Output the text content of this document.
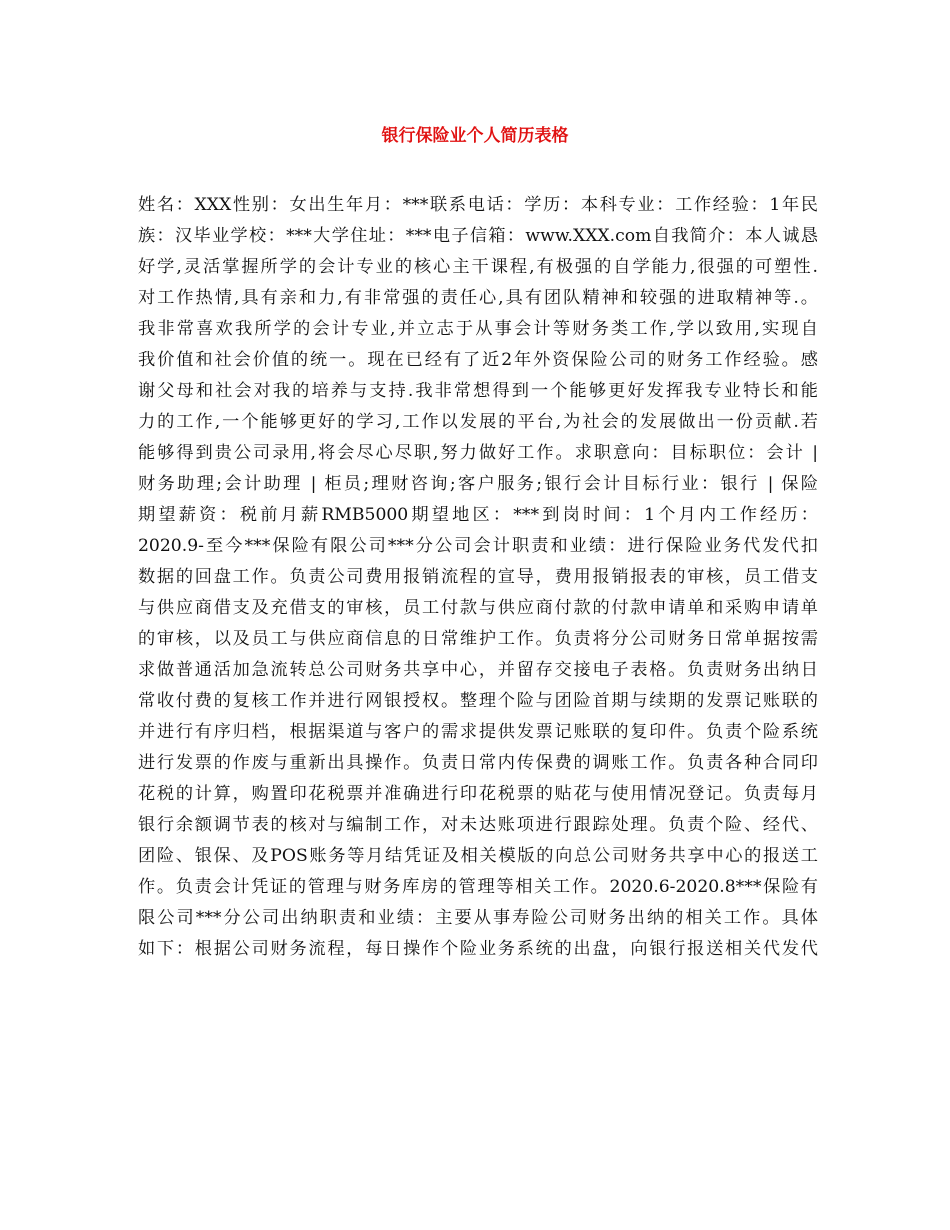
银行保险业个人简历表格
姓名：XXX性别：女出生年月：***联系电话：学历：本科专业：工作经验：1年民
族：汉毕业学校：***大学住址：***电子信箱：www.XXX.com自我简介：本人诚恳
好学,灵活掌握所学的会计专业的核心主干课程,有极强的自学能力,很强的可塑性.
对工作热情,具有亲和力,有非常强的责任心,具有团队精神和较强的进取精神等.。
我非常喜欢我所学的会计专业,并立志于从事会计等财务类工作,学以致用,实现自
我价值和社会价值的统一。现在已经有了近2年外资保险公司的财务工作经验。感
谢父母和社会对我的培养与支持.我非常想得到一个能够更好发挥我专业特长和能
力的工作,一个能够更好的学习,工作以发展的平台,为社会的发展做出一份贡献.若
能够得到贵公司录用,将会尽心尽职,努力做好工作。求职意向：目标职位：会计 |
财务助理;会计助理 | 柜员;理财咨询;客户服务;银行会计目标行业：银行 | 保险
期望薪资：税前月薪RMB5000期望地区：***到岗时间：1个月内工作经历：
2020.9-至今***保险有限公司***分公司会计职责和业绩：进行保险业务代发代扣
数据的回盘工作。负责公司费用报销流程的宣导，费用报销报表的审核，员工借支
与供应商借支及充借支的审核，员工付款与供应商付款的付款申请单和采购申请单
的审核，以及员工与供应商信息的日常维护工作。负责将分公司财务日常单据按需
求做普通活加急流转总公司财务共享中心，并留存交接电子表格。负责财务出纳日
常收付费的复核工作并进行网银授权。整理个险与团险首期与续期的发票记账联的
并进行有序归档，根据渠道与客户的需求提供发票记账联的复印件。负责个险系统
进行发票的作废与重新出具操作。负责日常内传保费的调账工作。负责各种合同印
花税的计算，购置印花税票并准确进行印花税票的贴花与使用情况登记。负责每月
银行余额调节表的核对与编制工作，对未达账项进行跟踪处理。负责个险、经代、
团险、银保、及POS账务等月结凭证及相关模版的向总公司财务共享中心的报送工
作。负责会计凭证的管理与财务库房的管理等相关工作。2020.6-2020.8***保险有
限公司***分公司出纳职责和业绩：主要从事寿险公司财务出纳的相关工作。具体
如下：根据公司财务流程，每日操作个险业务系统的出盘，向银行报送相关代发代
